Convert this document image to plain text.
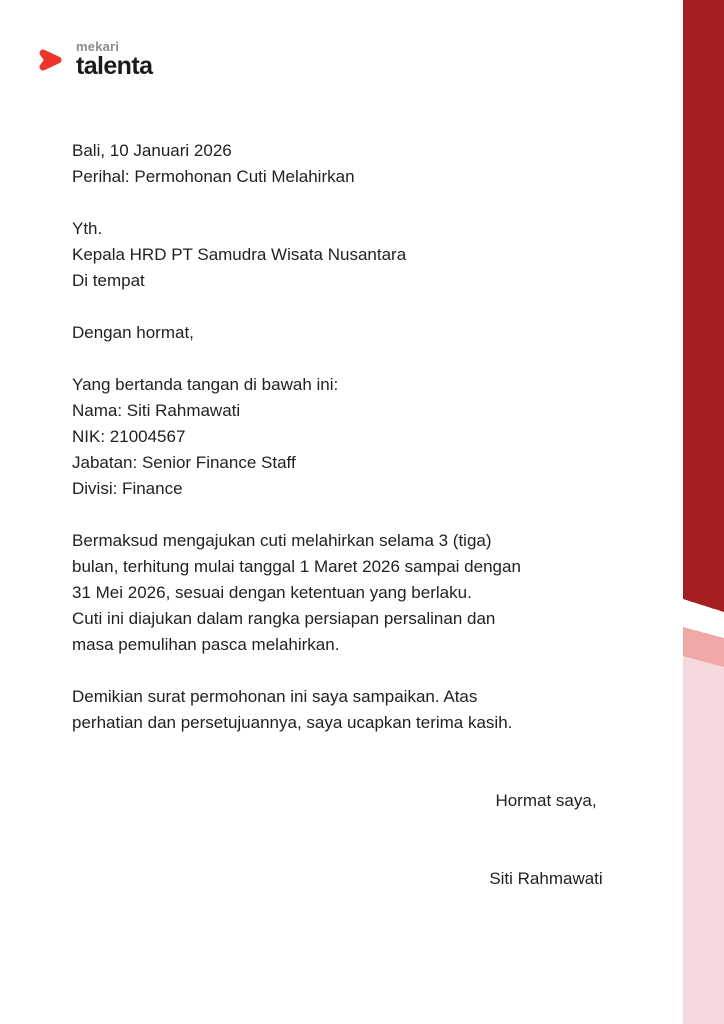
mekari
talenta
Bali, 10 Januari 2026
Perihal: Permohonan Cuti Melahirkan
Yth.
Kepala HRD PT Samudra Wisata Nusantara
Di tempat
Dengan hormat,
Yang bertanda tangan di bawah ini:
Nama: Siti Rahmawati
NIK: 21004567
Jabatan: Senior Finance Staff
Divisi: Finance
Bermaksud mengajukan cuti melahirkan selama 3 (tiga)
bulan, terhitung mulai tanggal 1 Maret 2026 sampai dengan
31 Mei 2026, sesuai dengan ketentuan yang berlaku.
Cuti ini diajukan dalam rangka persiapan persalinan dan
masa pemulihan pasca melahirkan.
Demikian surat permohonan ini saya sampaikan. Atas
perhatian dan persetujuannya, saya ucapkan terima kasih.
Hormat saya,
Siti Rahmawati
